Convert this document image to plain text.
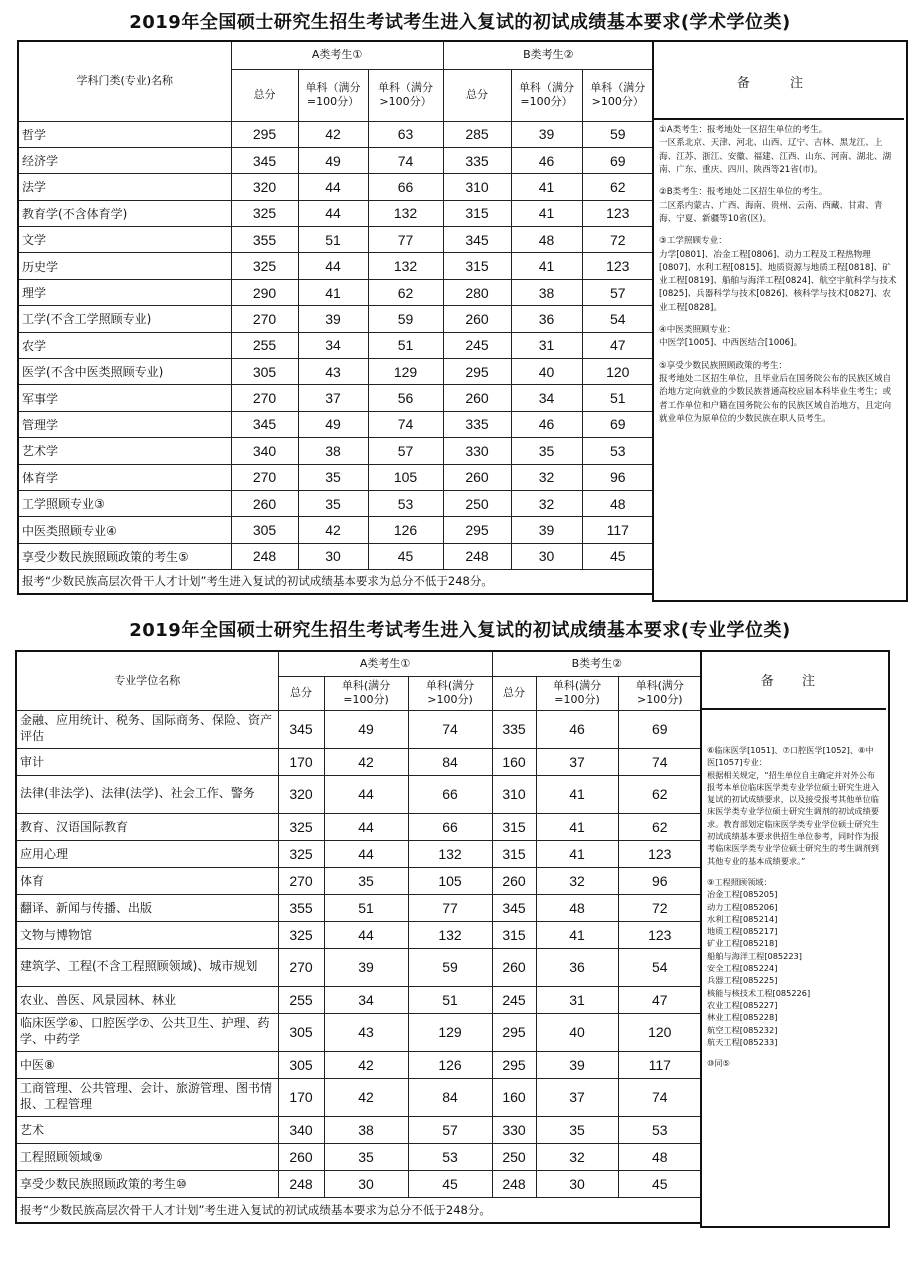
2019年全国硕士研究生招生考试考生进入复试的初试成绩基本要求(学术学位类)
学科门类(专业)名称	A类考生①			B类考生②		
	总分	单科（满分=100分）	单科（满分>100分）	总分	单科（满分=100分）	单科（满分>100分）
哲学	295	42	63	285	39	59
经济学	345	49	74	335	46	69
法学	320	44	66	310	41	62
教育学(不含体育学)	325	44	132	315	41	123
文学	355	51	77	345	48	72
历史学	325	44	132	315	41	123
理学	290	41	62	280	38	57
工学(不含工学照顾专业)	270	39	59	260	36	54
农学	255	34	51	245	31	47
医学(不含中医类照顾专业)	305	43	129	295	40	120
军事学	270	37	56	260	34	51
管理学	345	49	74	335	46	69
艺术学	340	38	57	330	35	53
体育学	270	35	105	260	32	96
工学照顾专业③	260	35	53	250	32	48
中医类照顾专业④	305	42	126	295	39	117
享受少数民族照顾政策的考生⑤	248	30	45	248	30	45
报考“少数民族高层次骨干人才计划”考生进入复试的初试成绩基本要求为总分不低于248分。						
备 注

①A类考生：报考地处一区招生单位的考生。
一区系北京、天津、河北、山西、辽宁、吉林、黑龙江、上海、江苏、浙江、安徽、福建、江西、山东、河南、湖北、湖南、广东、重庆、四川、陕西等21省(市)。

②B类考生：报考地处二区招生单位的考生。
二区系内蒙古、广西、海南、贵州、云南、西藏、甘肃、青海、宁夏、新疆等10省(区)。

③工学照顾专业：
力学[0801]、冶金工程[0806]、动力工程及工程热物理[0807]、水利工程[0815]、地质资源与地质工程[0818]、矿业工程[0819]、船舶与海洋工程[0824]、航空宇航科学与技术[0825]、兵器科学与技术[0826]、核科学与技术[0827]、农业工程[0828]。

④中医类照顾专业：
中医学[1005]、中西医结合[1006]。

⑤享受少数民族照顾政策的考生：
报考地处二区招生单位，且毕业后在国务院公布的民族区域自治地方定向就业的少数民族普通高校应届本科毕业生考生；或者工作单位和户籍在国务院公布的民族区域自治地方，且定向就业单位为原单位的少数民族在职人员考生。

2019年全国硕士研究生招生考试考生进入复试的初试成绩基本要求(专业学位类)
专业学位名称	A类考生①			B类考生②		
	总分	单科(满分=100分)	单科(满分>100分)	总分	单科(满分=100分)	单科(满分>100分)
金融、应用统计、税务、国际商务、保险、资产评估	345	49	74	335	46	69
审计	170	42	84	160	37	74
法律(非法学)、法律(法学)、社会工作、警务	320	44	66	310	41	62
教育、汉语国际教育	325	44	66	315	41	62
应用心理	325	44	132	315	41	123
体育	270	35	105	260	32	96
翻译、新闻与传播、出版	355	51	77	345	48	72
文物与博物馆	325	44	132	315	41	123
建筑学、工程(不含工程照顾领域)、城市规划	270	39	59	260	36	54
农业、兽医、风景园林、林业	255	34	51	245	31	47
临床医学⑥、口腔医学⑦、公共卫生、护理、药学、中药学	305	43	129	295	40	120
中医⑧	305	42	126	295	39	117
工商管理、公共管理、会计、旅游管理、图书情报、工程管理	170	42	84	160	37	74
艺术	340	38	57	330	35	53
工程照顾领域⑨	260	35	53	250	32	48
享受少数民族照顾政策的考生⑩	248	30	45	248	30	45
报考“少数民族高层次骨干人才计划”考生进入复试的初试成绩基本要求为总分不低于248分。						
备 注

⑥临床医学[1051]、⑦口腔医学[1052]、⑧中医[1057]专业：
根据相关规定，“招生单位自主确定并对外公布报考本单位临床医学类专业学位硕士研究生进入复试的初试成绩要求，以及接受报考其他单位临床医学类专业学位硕士研究生调剂的初试成绩要求。教育部划定临床医学类专业学位硕士研究生初试成绩基本要求供招生单位参考，同时作为报考临床医学类专业学位硕士研究生的考生调剂到其他专业的基本成绩要求。”

⑨工程照顾领域：
冶金工程[085205]
动力工程[085206]
水利工程[085214]
地质工程[085217]
矿业工程[085218]
船舶与海洋工程[085223]
安全工程[085224]
兵器工程[085225]
核能与核技术工程[085226]
农业工程[085227]
林业工程[085228]
航空工程[085232]
航天工程[085233]

⑩同⑤
